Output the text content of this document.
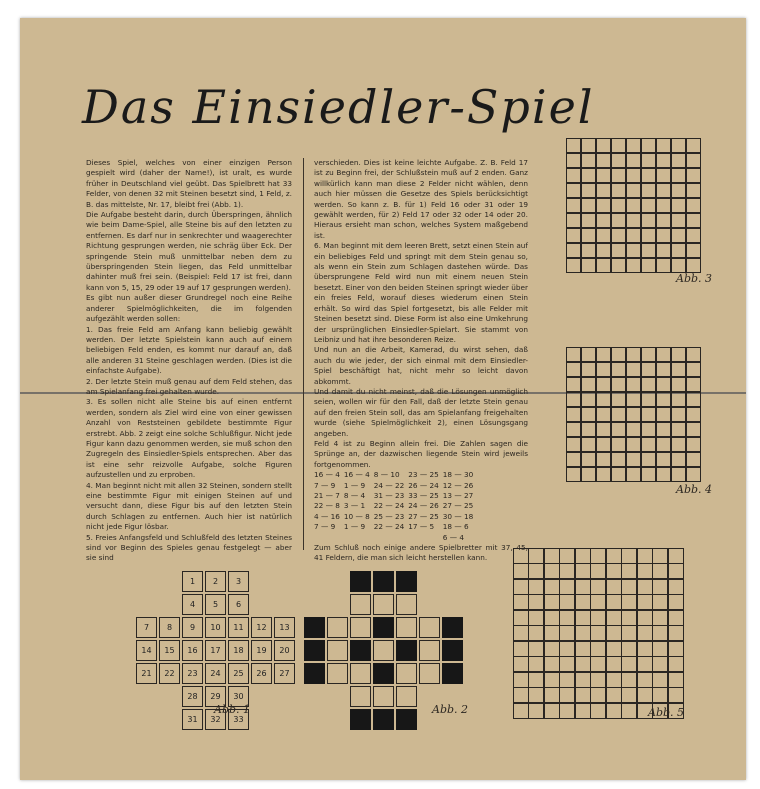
Das Einsiedler-Spiel

Dieses Spiel, welches von einer einzigen Person gespielt wird (daher der Name!), ist uralt, es wurde früher in Deutschland viel geübt. Das Spielbrett hat 33 Felder, von denen 32 mit Steinen besetzt sind, 1 Feld, z. B. das mittelste, Nr. 17, bleibt frei (Abb. 1).

Die Aufgabe besteht darin, durch Überspringen, ähnlich wie beim Dame-Spiel, alle Steine bis auf den letzten zu entfernen. Es darf nur in senkrechter und waagerechter Richtung gesprungen werden, nie schräg über Eck. Der springende Stein muß unmittelbar neben dem zu überspringenden Stein liegen, das Feld unmittelbar dahinter muß frei sein. (Beispiel: Feld 17 ist frei, dann kann von 5, 15, 29 oder 19 auf 17 gesprungen werden).

Es gibt nun außer dieser Grundregel noch eine Reihe anderer Spielmöglichkeiten, die im folgenden aufgezählt werden sollen:

1. Das freie Feld am Anfang kann beliebig gewählt werden. Der letzte Spielstein kann auch auf einem beliebigen Feld enden, es kommt nur darauf an, daß alle anderen 31 Steine geschlagen werden. (Dies ist die einfachste Aufgabe).

2. Der letzte Stein muß genau auf dem Feld stehen, das am Spielanfang frei gehalten wurde.

3. Es sollen nicht alle Steine bis auf einen entfernt werden, sondern als Ziel wird eine von einer gewissen Anzahl von Reststeinen gebildete bestimmte Figur erstrebt. Abb. 2 zeigt eine solche Schlußfigur. Nicht jede Figur kann dazu genommen werden, sie muß schon den Zugregeln des Einsiedler-Spiels entsprechen. Aber das ist eine sehr reizvolle Aufgabe, solche Figuren aufzustellen und zu erproben.

4. Man beginnt nicht mit allen 32 Steinen, sondern stellt eine bestimmte Figur mit einigen Steinen auf und versucht dann, diese Figur bis auf den letzten Stein durch Schlagen zu entfernen. Auch hier ist natürlich nicht jede Figur lösbar.

5. Freies Anfangsfeld und Schlußfeld des letzten Steines sind vor Beginn des Spieles genau festgelegt — aber sie sind

verschieden. Dies ist keine leichte Aufgabe. Z. B. Feld 17 ist zu Beginn frei, der Schlußstein muß auf 2 enden. Ganz willkürlich kann man diese 2 Felder nicht wählen, denn auch hier müssen die Gesetze des Spiels berücksichtigt werden. So kann z. B. für 1) Feld 16 oder 31 oder 19 gewählt werden, für 2) Feld 17 oder 32 oder 14 oder 20. Hieraus ersieht man schon, welches System maßgebend ist.

6. Man beginnt mit dem leeren Brett, setzt einen Stein auf ein beliebiges Feld und springt mit dem Stein genau so, als wenn ein Stein zum Schlagen dastehen würde. Das übersprungene Feld wird nun mit einem neuen Stein besetzt. Einer von den beiden Steinen springt wieder über ein freies Feld, worauf dieses wiederum einen Stein erhält. So wird das Spiel fortgesetzt, bis alle Felder mit Steinen besetzt sind. Diese Form ist also eine Umkehrung der ursprünglichen Einsiedler-Spielart. Sie stammt von Leibniz und hat ihre besonderen Reize.

Und nun an die Arbeit, Kamerad, du wirst sehen, daß auch du wie jeder, der sich einmal mit dem Einsiedler-Spiel beschäftigt hat, nicht mehr so leicht davon abkommt.

Und damit du nicht meinst, daß die Lösungen unmöglich seien, wollen wir für den Fall, daß der letzte Stein genau auf den freien Stein soll, das am Spielanfang freigehalten wurde (siehe Spielmöglichkeit 2), einen Lösungsgang angeben.

Feld 4 ist zu Beginn allein frei. Die Zahlen sagen die Sprünge an, der dazwischen liegende Stein wird jeweils fortgenommen.

16 — 4	16 — 4	8 — 10	23 — 25	18 — 30
7 — 9	1 — 9	24 — 22	26 — 24	12 — 26
21 — 7	8 — 4	31 — 23	33 — 25	13 — 27
22 — 8	3 — 1	22 — 24	24 — 26	27 — 25
4 — 16	10 — 8	25 — 23	27 — 25	30 — 18
7 — 9	1 — 9	22 — 24	17 — 5	18 — 6
				6 — 4

Zum Schluß noch einige andere Spielbretter mit 37, 45, 41 Feldern, die man sich leicht herstellen kann.

1	2	3
4	5	6
7	8	9	10	11	12	13
14	15	16	17	18	19	20
21	22	23	24	25	26	27
28	29	30
31	32	33
Abb. 1	Abb. 2
Abb. 3
Abb. 4
Abb. 5
